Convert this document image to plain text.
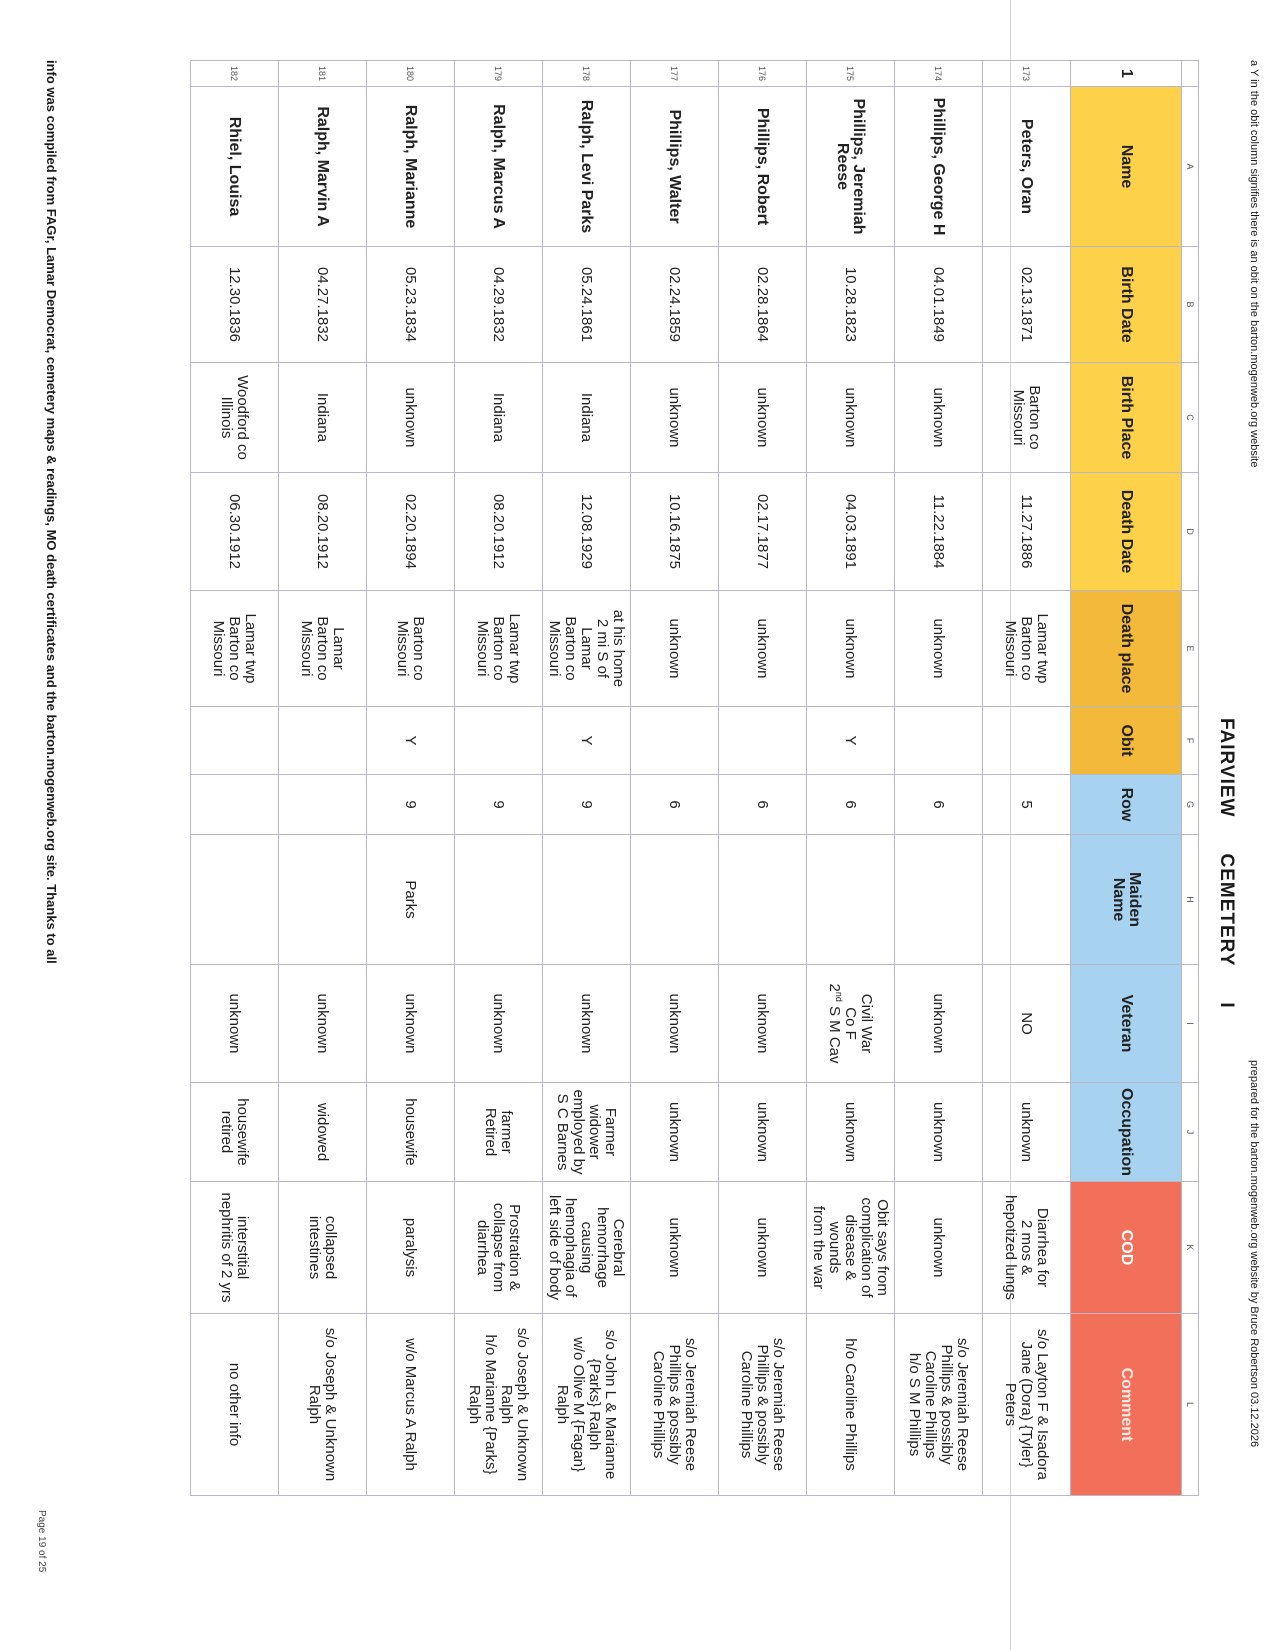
a Y in the obit column signifies there is an obit on the barton.mogenweb.org website
FAIRVIEWCEMETERYI
prepared for the barton.mogenweb.org website by Bruce Robertson 03.12.2026
	A	B	C	D	E	F	G	H	I	J	K	L
1	Name	Birth Date	Birth Place	Death Date	Death place	Obit	Row	Maiden
Name	Veteran	Occupation	COD	Comment
173	Peters, Oran	02.13.1871	Barton co
Missouri	11.27.1886	Lamar twp
Barton co
Missouri		5		NO	unknown	Diarrhea for
2 mos &
hepotized lungs	s/o Layton F & Isadora
Jane (Dora) {Tyler}
Peters
174	Phillips, George H	04.01.1849	unknown	11.22.1884	unknown		6		unknown	unknown	unknown	s/o Jeremiah Reese
Phillips & possibly
Caroline Phillips
h/o S M Phillips
175	Phillips, Jeremiah
Reese	10.28.1823	unknown	04.03.1891	unknown	Y	6		Civil War
Co F
2nd S M Cav	unknown	Obit says from
complication of
disease & wounds
from the war	h/o Caroline Phillips
176	Phillips, Robert	02.28.1864	unknown	02.17.1877	unknown		6		unknown	unknown	unknown	s/o Jeremiah Reese
Phillips & possibly
Caroline Phillips
177	Phillips, Walter	02.24.1859	unknown	10.16.1875	unknown		6		unknown	unknown	unknown	s/o Jeremiah Reese
Phillips & possibly
Caroline Phillips
178	Ralph, Levi Parks	05.24.1861	Indiana	12.08.1929	at his home
2 mi S of
Lamar
Barton co
Missouri	Y	9		unknown	Farmer
widower
employed by
S C Barnes	Cerebral
hemorrhage
causing
hemophagia of
left side of body	s/o John L & Marianne
{Parks} Ralph
w/o Olive M {Fagan}
Ralph
179	Ralph, Marcus A	04.29.1832	Indiana	08.20.1912	Lamar twp
Barton co
Missouri		9		unknown	farmer
Retired	Prostration &
collapse from
diarrhea	s/o Joseph & Unknown
Ralph
h/o Marianne {Parks}
Ralph
180	Ralph, Marianne	05.23.1834	unknown	02.20.1894	Barton co
Missouri	Y	9	Parks	unknown	housewife	paralysis	w/o Marcus A Ralph
181	Ralph, Marvin A	04.27.1832	Indiana	08.20.1912	Lamar
Barton co
Missouri				unknown	widowed	collapsed
intestines	s/o Joseph & Unknown
Ralph
182	Rhiel, Louisa	12.30.1836	Woodford co
Illinois	06.30.1912	Lamar twp
Barton co
Missouri				unknown	housewife
retired	interstitial
nephritis of 2 yrs	no other info
info was compiled from FAGr, Lamar Democrat, cemetery maps & readings, MO death certificates and the barton.mogenweb.org site. Thanks to all
Page 19 of 25
